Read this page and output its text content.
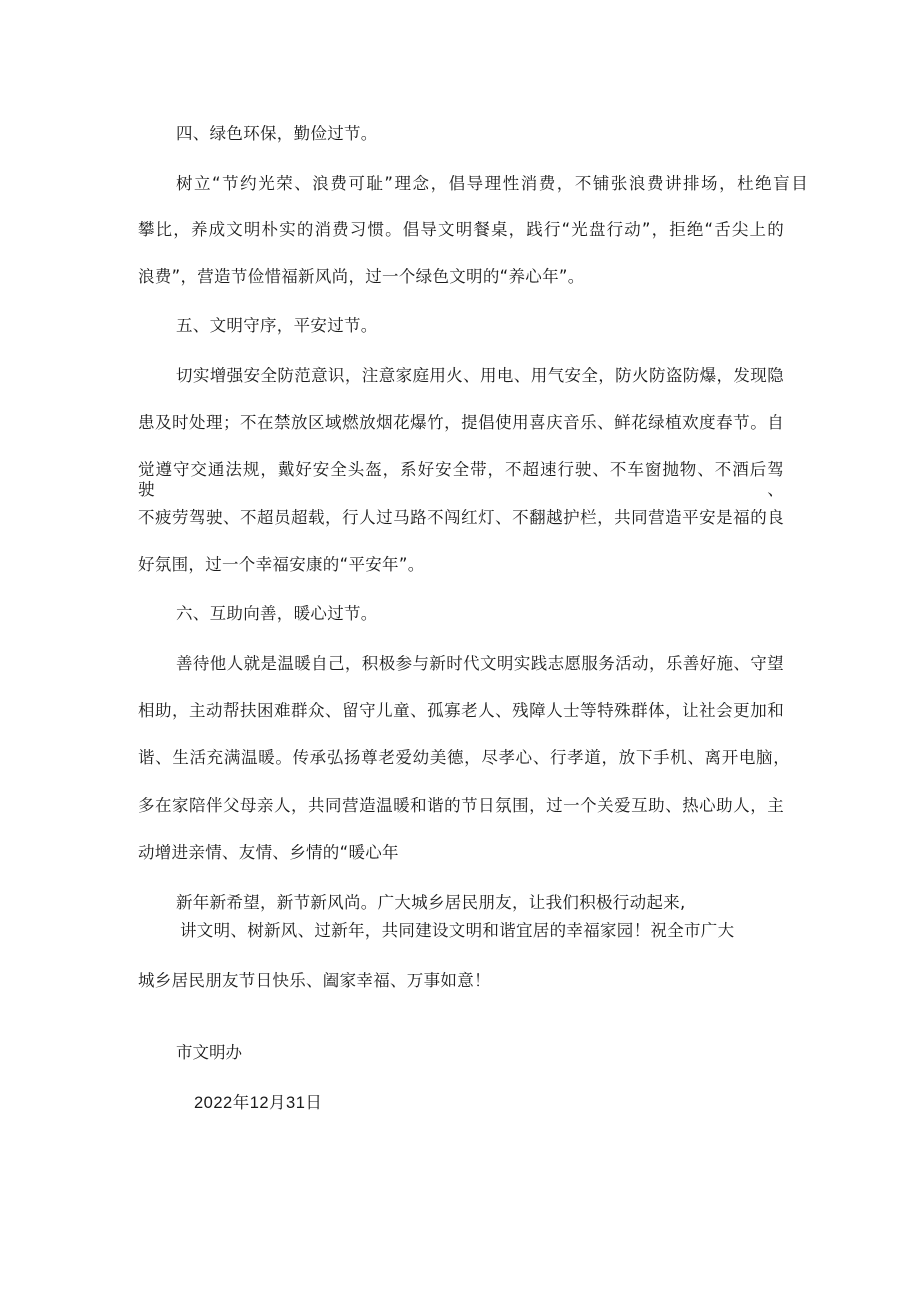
四、绿色环保，勤俭过节。

树立“节约光荣、浪费可耻”理念，倡导理性消费，不铺张浪费讲排场，杜绝盲目

攀比，养成文明朴实的消费习惯。倡导文明餐桌，践行“光盘行动”，拒绝“舌尖上的

浪费”，营造节俭惜福新风尚，过一个绿色文明的“养心年”。

五、文明守序，平安过节。

切实增强安全防范意识，注意家庭用火、用电、用气安全，防火防盗防爆，发现隐

患及时处理；不在禁放区域燃放烟花爆竹，提倡使用喜庆音乐、鲜花绿植欢度春节。自

觉遵守交通法规，戴好安全头盔，系好安全带，不超速行驶、不车窗抛物、不酒后驾驶、

不疲劳驾驶、不超员超载，行人过马路不闯红灯、不翻越护栏，共同营造平安是福的良

好氛围，过一个幸福安康的“平安年”。

六、互助向善，暖心过节。

善待他人就是温暖自己，积极参与新时代文明实践志愿服务活动，乐善好施、守望

相助，主动帮扶困难群众、留守儿童、孤寡老人、残障人士等特殊群体，让社会更加和

谐、生活充满温暖。传承弘扬尊老爱幼美德，尽孝心、行孝道，放下手机、离开电脑，

多在家陪伴父母亲人，共同营造温暖和谐的节日氛围，过一个关爱互助、热心助人，主

动增进亲情、友情、乡情的“暖心年

新年新希望，新节新风尚。广大城乡居民朋友，让我们积极行动起来,

讲文明、树新风、过新年，共同建设文明和谐宜居的幸福家园！祝全市广大

城乡居民朋友节日快乐、阖家幸福、万事如意！

市文明办

2022年12月31日
